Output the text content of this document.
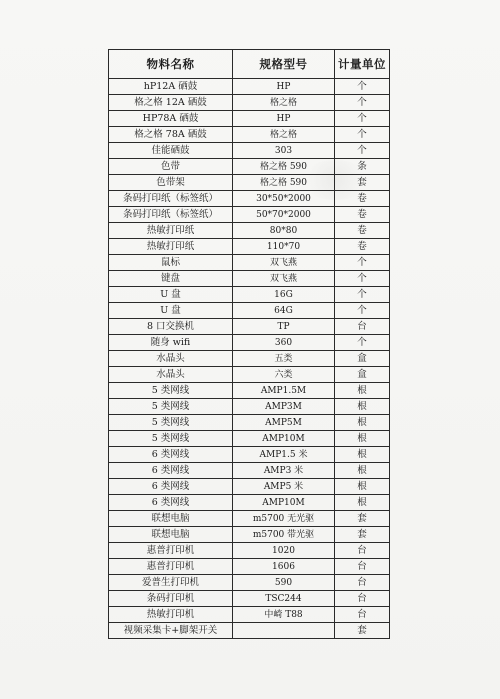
物料名称	规格型号	计量单位
hP12A 硒鼓	HP	个
格之格 12A 硒鼓	格之格	个
HP78A 硒鼓	HP	个
格之格 78A 硒鼓	格之格	个
佳能硒鼓	303	个
色带	格之格 590	条
色带架	格之格 590	套
条码打印纸（标签纸）	30*50*2000	卷
条码打印纸（标签纸）	50*70*2000	卷
热敏打印纸	80*80	卷
热敏打印纸	110*70	卷
鼠标	双飞燕	个
键盘	双飞燕	个
U 盘	16G	个
U 盘	64G	个
8 口交换机	TP	台
随身 wifi	360	个
水晶头	五类	盒
水晶头	六类	盒
5 类网线	AMP1.5M	根
5 类网线	AMP3M	根
5 类网线	AMP5M	根
5 类网线	AMP10M	根
6 类网线	AMP1.5 米	根
6 类网线	AMP3 米	根
6 类网线	AMP5 米	根
6 类网线	AMP10M	根
联想电脑	m5700 无光驱	套
联想电脑	m5700 带光驱	套
惠普打印机	1020	台
惠普打印机	1606	台
爱普生打印机	590	台
条码打印机	TSC244	台
热敏打印机	中崎 T88	台
视频采集卡+脚架开关		套
